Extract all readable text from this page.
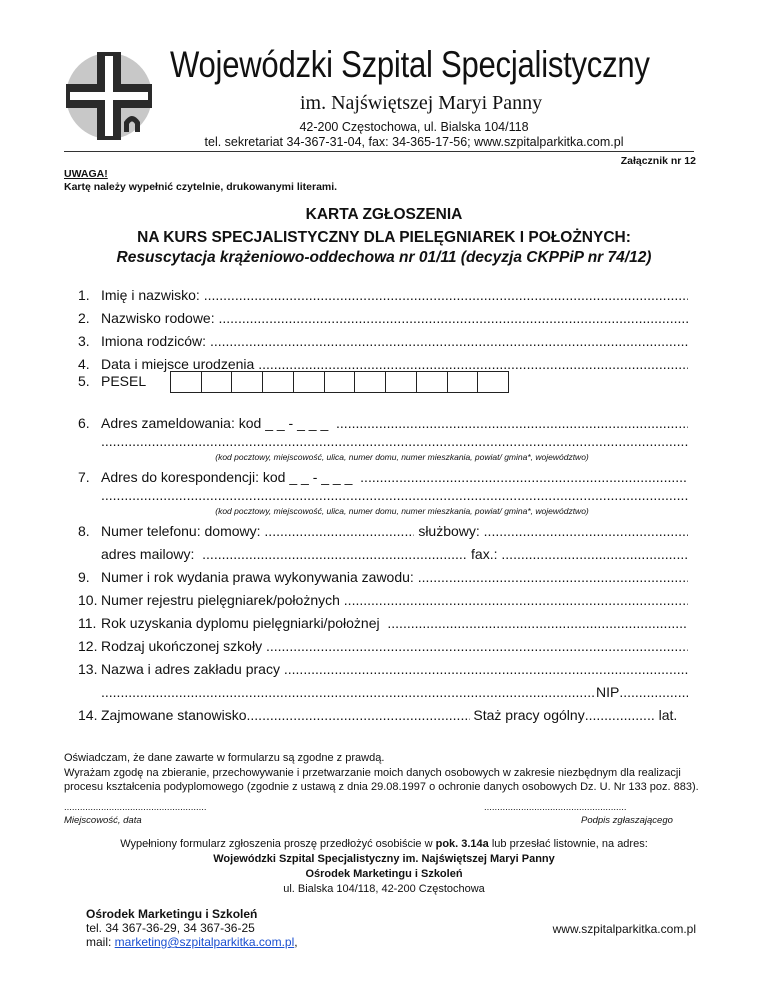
Wojewódzki Szpital Specjalistyczny
im. Najświętszej Maryi Panny
42-200 Częstochowa, ul. Bialska 104/118
tel. sekretariat 34-367-31-04, fax: 34-365-17-56; www.szpitalparkitka.com.pl
Załącznik nr 12
UWAGA!
Kartę należy wypełnić czytelnie, drukowanymi literami.
KARTA ZGŁOSZENIA
NA KURS SPECJALISTYCZNY DLA PIELĘGNIAREK I POŁOŻNYCH:
Resuscytacja krążeniowo-oddechowa nr 01/11 (decyzja CKPPiP nr 74/12)
1. Imię i nazwisko:

.....
2. Nazwisko rodowe:

.....
3. Imiona rodziców:

.....
4. Data i miejsce urodzenia

.....
5. PESEL
6. Adres zameldowania: kod _ _ - _ _ _

.....
.....
(kod pocztowy, miejscowość, ulica, numer domu, numer mieszkania, powiat/ gmina*, województwo)
7. Adres do korespondencji: kod _ _ - _ _ _

.....
.....
(kod pocztowy, miejscowość, ulica, numer domu, numer mieszkania, powiat/ gmina*, województwo)
8. Numer telefonu: domowy:
.....
	służbowy:

.....
adres mailowy:
.....
	fax.:

.....
9. Numer i rok wydania prawa wykonywania zawodu:

.....
10. Numer rejestru pielęgniarek/położnych

.....
11. Rok uzyskania dyplomu pielęgniarki/położnej

.....
12. Rodzaj ukończonej szkoły

.....
13. Nazwa i adres zakładu pracy

.....
.....
NIP
.....
14. Zajmowane stanowisko .....
	Staż pracy ogólny .....
	lat.
Oświadczam, że dane zawarte w formularzu są zgodne z prawdą.
Wyrażam zgodę na zbieranie, przechowywanie i przetwarzanie moich danych osobowych w zakresie niezbędnym dla realizacji procesu kształcenia podyplomowego (zgodnie z ustawą z dnia 29.08.1997 o ochronie danych osobowych Dz. U. Nr 133 poz. 883).
......................................................
Miejscowość, data
......................................................
Podpis zgłaszającego
Wypełniony formularz zgłoszenia proszę przedłożyć osobiście w pok. 3.14a lub przesłać listownie, na adres:
Wojewódzki Szpital Specjalistyczny im. Najświętszej Maryi Panny
Ośrodek Marketingu i Szkoleń
ul. Bialska 104/118, 42-200 Częstochowa
Ośrodek Marketingu i Szkoleń
tel. 34 367-36-29, 34 367-36-25
mail: marketing@szpitalparkitka.com.pl,
www.szpitalparkitka.com.pl
